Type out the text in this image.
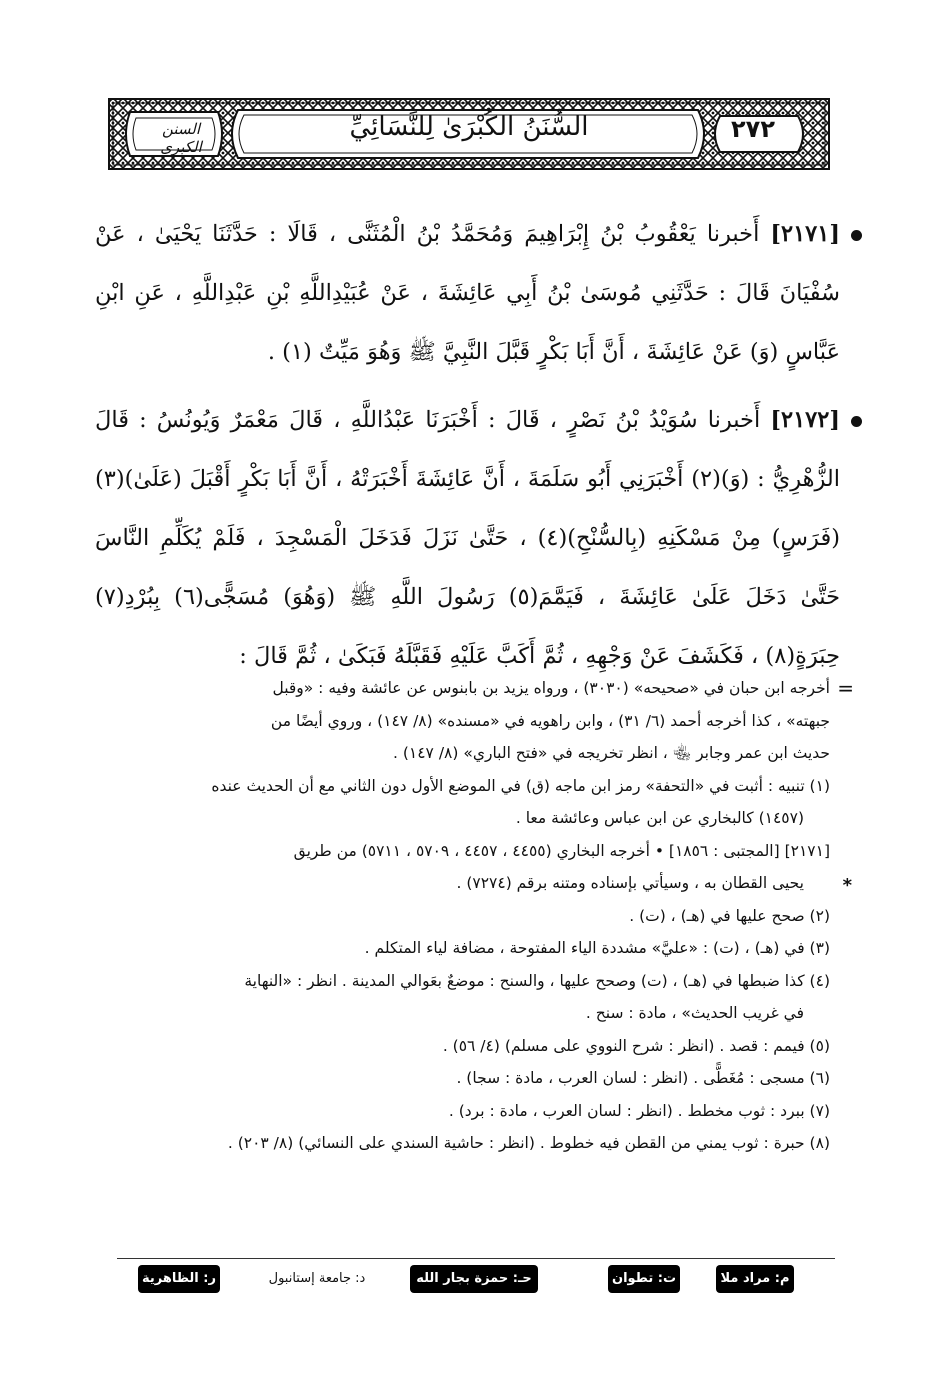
السُّنَنُ الكُبْرَىٰ لِلنَّسَائِيِّ	٢٧٢
السنن الكبرى

[٢١٧١] أَخبرنا يَعْقُوبُ بْنُ إِبْرَاهِيمَ وَمُحَمَّدُ بْنُ الْمُثَنَّى ، قَالَا : حَدَّثَنَا يَحْيَىٰ ، عَنْ سُفْيَانَ قَالَ : حَدَّثَنِي مُوسَىٰ بْنُ أَبِي عَائِشَةَ ، عَنْ عُبَيْدِاللَّهِ بْنِ عَبْدِاللَّهِ ، عَنِ ابْنِ عَبَّاسٍ (وَ) عَنْ عَائِشَةَ ، أَنَّ أَبَا بَكْرٍ قَبَّلَ النَّبِيَّ ﷺ وَهُوَ مَيِّتٌ (١) .

[٢١٧٢] أَخبرنا سُوَيْدُ بْنُ نَصْرٍ ، قَالَ : أَخْبَرَنَا عَبْدُاللَّهِ ، قَالَ مَعْمَرٌ وَيُونُسُ : قَالَ الزُّهْرِيُّ : (وَ)(٢) أَخْبَرَنِي أَبُو سَلَمَةَ ، أَنَّ عَائِشَةَ أَخْبَرَتْهُ ، أَنَّ أَبَا بَكْرٍ أَقْبَلَ (عَلَىٰ)(٣) (فَرَسٍ) مِنْ مَسْكَنِهِ (بِالسُّنْحِ)(٤) ، حَتَّىٰ نَزَلَ فَدَخَلَ الْمَسْجِدَ ، فَلَمْ يُكَلِّمِ النَّاسَ حَتَّىٰ دَخَلَ عَلَىٰ عَائِشَةَ ، فَيَمَّمَ(٥) رَسُولَ اللَّهِ ﷺ (وَهُوَ) مُسَجًّى(٦) بِبُرْدِ(٧) حِبَرَةٍ(٨) ، فَكَشَفَ عَنْ وَجْهِهِ ، ثُمَّ أَكَبَّ عَلَيْهِ فَقَبَّلَهُ فَبَكَىٰ ، ثُمَّ قَالَ :

=
*
أخرجه ابن حبان في «صحيحه» (٣٠٣٠) ، ورواه يزيد بن بابنوس عن عائشة وفيه : «وقبل
جبهته» ، كذا أخرجه أحمد (٦/ ٣١) ، وابن راهويه في «مسنده» (٨/ ١٤٧) ، وروي أيضًا من
حديث ابن عمر وجابر ﵄ ، انظر تخريجه في «فتح الباري» (٨/ ١٤٧) .
(١) تنبيه : أثبت في «التحفة» رمز ابن ماجه (ق) في الموضع الأول دون الثاني مع أن الحديث عنده
(١٤٥٧) كالبخاري عن ابن عباس وعائشة معا .
[٢١٧١] [المجتبى : ١٨٥٦] • أخرجه البخاري (٤٤٥٥ ، ٤٤٥٧ ، ٥٧٠٩ ، ٥٧١١) من طريق
يحيى القطان به ، وسيأتي بإسناده ومتنه برقم (٧٢٧٤) .
(٢) صحح عليها في (هـ) ، (ت) .
(٣) في (هـ) ، (ت) : «عليَّ» مشددة الياء المفتوحة ، مضافة لياء المتكلم .
(٤) كذا ضبطها في (هـ) ، (ت) وصحح عليها ، والسنح : موضعٌ بعَوالي المدينة . انظر : «النهاية
في غريب الحديث» ، مادة : سنح .
(٥) فيمم : قصد . (انظر : شرح النووي على مسلم) (٤/ ٥٦) .
(٦) مسجى : مُغَطًّى . (انظر : لسان العرب ، مادة : سجا) .
(٧) ببرد : ثوب مخطط . (انظر : لسان العرب ، مادة : برد) .
(٨) حبرة : ثوب يمني من القطن فيه خطوط . (انظر : حاشية السندي على النسائي) (٨/ ٢٠٣) .
م: مراد ملا
ت: تطوان
حـ: حمزة بجار الله
د: جامعة إستانبول
ر: الظاهرية
